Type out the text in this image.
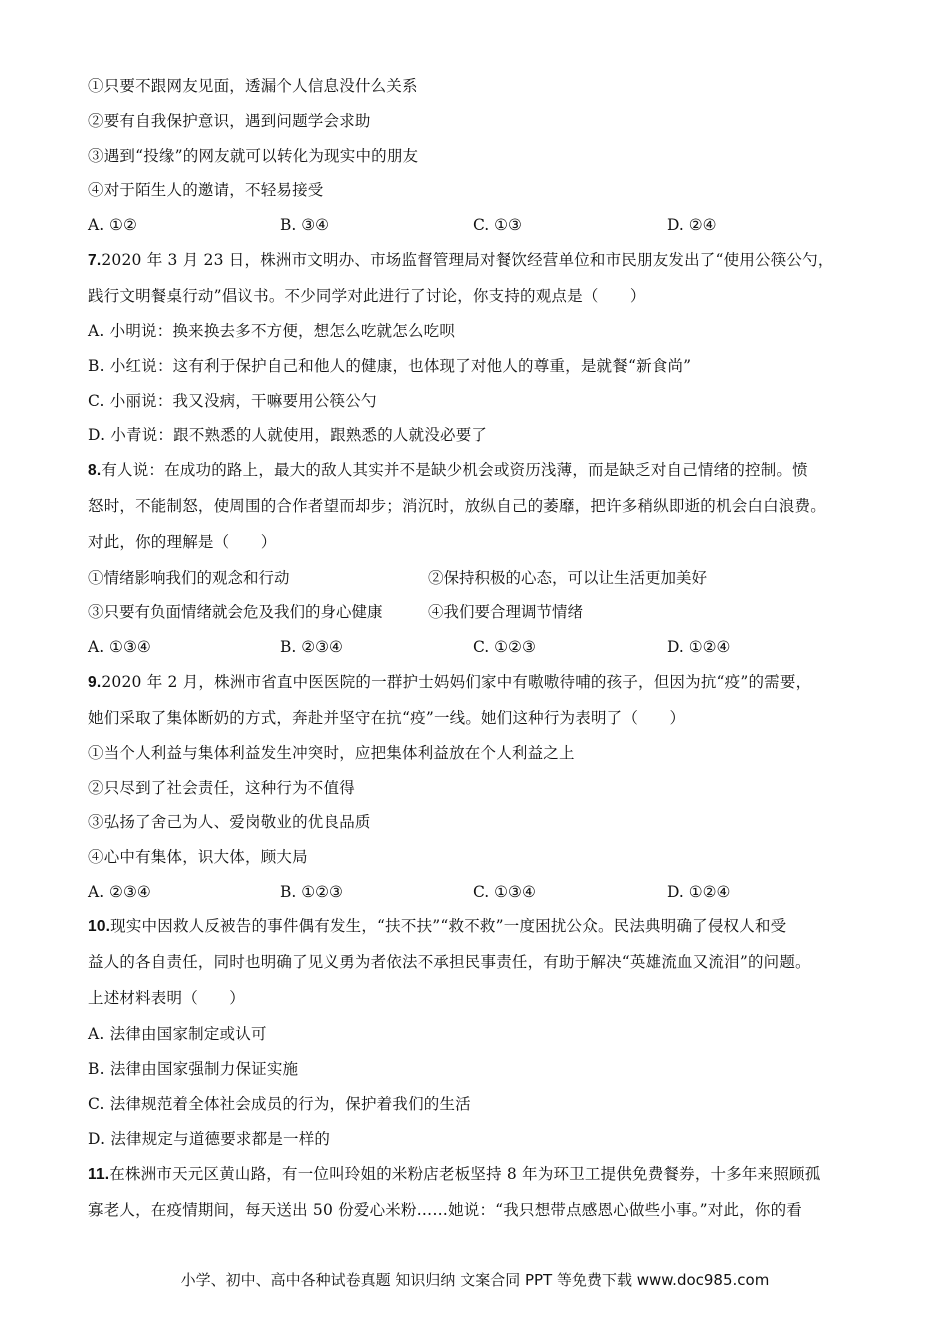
①只要不跟网友见面，透漏个人信息没什么关系
②要有自我保护意识，遇到问题学会求助
③遇到“投缘”的网友就可以转化为现实中的朋友
④对于陌生人的邀请，不轻易接受
A. ①②	B. ③④	C. ①③	D. ②④
7.2020 年 3 月 23 日，株洲市文明办、市场监督管理局对餐饮经营单位和市民朋友发出了“使用公筷公勺，
践行文明餐桌行动”倡议书。不少同学对此进行了讨论，你支持的观点是（　　）
A. 小明说：换来换去多不方便，想怎么吃就怎么吃呗
B. 小红说：这有利于保护自己和他人的健康，也体现了对他人的尊重，是就餐“新食尚”
C. 小丽说：我又没病，干嘛要用公筷公勺
D. 小青说：跟不熟悉的人就使用，跟熟悉的人就没必要了
8.有人说：在成功的路上，最大的敌人其实并不是缺少机会或资历浅薄，而是缺乏对自己情绪的控制。愤
怒时，不能制怒，使周围的合作者望而却步；消沉时，放纵自己的萎靡，把许多稍纵即逝的机会白白浪费。
对此，你的理解是（　　）
①情绪影响我们的观念和行动	②保持积极的心态，可以让生活更加美好
③只要有负面情绪就会危及我们的身心健康	④我们要合理调节情绪
A. ①③④	B. ②③④	C. ①②③	D. ①②④
9.2020 年 2 月，株洲市省直中医医院的一群护士妈妈们家中有嗷嗷待哺的孩子，但因为抗“疫”的需要，
她们采取了集体断奶的方式，奔赴并坚守在抗“疫”一线。她们这种行为表明了（　　）
①当个人利益与集体利益发生冲突时，应把集体利益放在个人利益之上
②只尽到了社会责任，这种行为不值得
③弘扬了舍己为人、爱岗敬业的优良品质
④心中有集体，识大体，顾大局
A. ②③④	B. ①②③	C. ①③④	D. ①②④
10.现实中因救人反被告的事件偶有发生，“扶不扶”“救不救”一度困扰公众。民法典明确了侵权人和受
益人的各自责任，同时也明确了见义勇为者依法不承担民事责任，有助于解决“英雄流血又流泪”的问题。
上述材料表明（　　）
A. 法律由国家制定或认可
B. 法律由国家强制力保证实施
C. 法律规范着全体社会成员的行为，保护着我们的生活
D. 法律规定与道德要求都是一样的
11.在株洲市天元区黄山路，有一位叫玲姐的米粉店老板坚持 8 年为环卫工提供免费餐券，十多年来照顾孤
寡老人，在疫情期间，每天送出 50 份爱心米粉……她说：“我只想带点感恩心做些小事。”对此，你的看
小学、初中、高中各种试卷真题 知识归纳 文案合同 PPT 等免费下载 www.doc985.com
